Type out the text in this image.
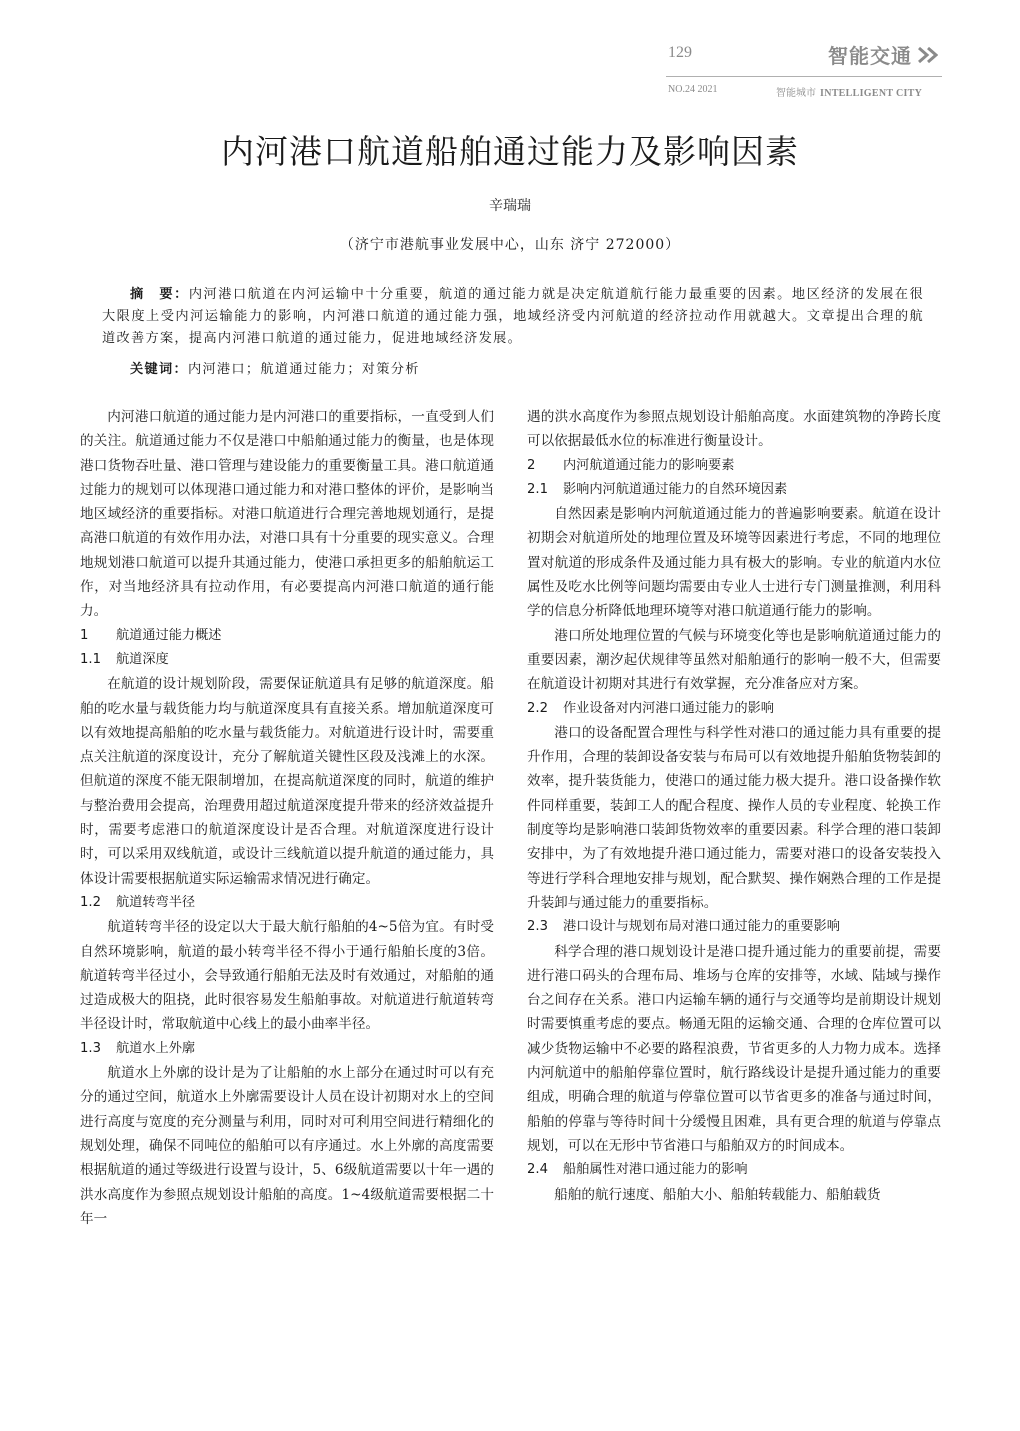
129	智能交通
NO.24 2021	智能城市 INTELLIGENT CITY
内河港口航道船舶通过能力及影响因素
辛瑞瑞
（济宁市港航事业发展中心，山东 济宁 272000）
摘　要：内河港口航道在内河运输中十分重要，航道的通过能力就是决定航道航行能力最重要的因素。地区经济的发展在很大限度上受内河运输能力的影响，内河港口航道的通过能力强，地域经济受内河航道的经济拉动作用就越大。文章提出合理的航道改善方案，提高内河港口航道的通过能力，促进地域经济发展。
关键词：内河港口；航道通过能力；对策分析

内河港口航道的通过能力是内河港口的重要指标，一直受到人们的关注。航道通过能力不仅是港口中船舶通过能力的衡量，也是体现港口货物吞吐量、港口管理与建设能力的重要衡量工具。港口航道通过能力的规划可以体现港口通过能力和对港口整体的评价，是影响当地区域经济的重要指标。对港口航道进行合理完善地规划通行，是提高港口航道的有效作用办法，对港口具有十分重要的现实意义。合理地规划港口航道可以提升其通过能力，使港口承担更多的船舶航运工作，对当地经济具有拉动作用，有必要提高内河港口航道的通行能力。

1 航道通过能力概述
1.1 航道深度

在航道的设计规划阶段，需要保证航道具有足够的航道深度。船舶的吃水量与载货能力均与航道深度具有直接关系。增加航道深度可以有效地提高船舶的吃水量与载货能力。对航道进行设计时，需要重点关注航道的深度设计，充分了解航道关键性区段及浅滩上的水深。但航道的深度不能无限制增加，在提高航道深度的同时，航道的维护与整治费用会提高，治理费用超过航道深度提升带来的经济效益提升时，需要考虑港口的航道深度设计是否合理。对航道深度进行设计时，可以采用双线航道，或设计三线航道以提升航道的通过能力，具体设计需要根据航道实际运输需求情况进行确定。

1.2 航道转弯半径

航道转弯半径的设定以大于最大航行船舶的4~5倍为宜。有时受自然环境影响，航道的最小转弯半径不得小于通行船舶长度的3倍。航道转弯半径过小，会导致通行船舶无法及时有效通过，对船舶的通过造成极大的阻挠，此时很容易发生船舶事故。对航道进行航道转弯半径设计时，常取航道中心线上的最小曲率半径。

1.3 航道水上外廓

航道水上外廓的设计是为了让船舶的水上部分在通过时可以有充分的通过空间，航道水上外廓需要设计人员在设计初期对水上的空间进行高度与宽度的充分测量与利用，同时对可利用空间进行精细化的规划处理，确保不同吨位的船舶可以有序通过。水上外廓的高度需要根据航道的通过等级进行设置与设计，5、6级航道需要以十年一遇的洪水高度作为参照点规划设计船舶的高度。1~4级航道需要根据二十年一

遇的洪水高度作为参照点规划设计船舶高度。水面建筑物的净跨长度可以依据最低水位的标准进行衡量设计。

2 内河航道通过能力的影响要素
2.1 影响内河航道通过能力的自然环境因素

自然因素是影响内河航道通过能力的普遍影响要素。航道在设计初期会对航道所处的地理位置及环境等因素进行考虑，不同的地理位置对航道的形成条件及通过能力具有极大的影响。专业的航道内水位属性及吃水比例等问题均需要由专业人士进行专门测量推测，利用科学的信息分析降低地理环境等对港口航道通行能力的影响。

港口所处地理位置的气候与环境变化等也是影响航道通过能力的重要因素，潮汐起伏规律等虽然对船舶通行的影响一般不大，但需要在航道设计初期对其进行有效掌握，充分准备应对方案。

2.2 作业设备对内河港口通过能力的影响

港口的设备配置合理性与科学性对港口的通过能力具有重要的提升作用，合理的装卸设备安装与布局可以有效地提升船舶货物装卸的效率，提升装货能力，使港口的通过能力极大提升。港口设备操作软件同样重要，装卸工人的配合程度、操作人员的专业程度、轮换工作制度等均是影响港口装卸货物效率的重要因素。科学合理的港口装卸安排中，为了有效地提升港口通过能力，需要对港口的设备安装投入等进行学科合理地安排与规划，配合默契、操作娴熟合理的工作是提升装卸与通过能力的重要指标。

2.3 港口设计与规划布局对港口通过能力的重要影响

科学合理的港口规划设计是港口提升通过能力的重要前提，需要进行港口码头的合理布局、堆场与仓库的安排等，水域、陆域与操作台之间存在关系。港口内运输车辆的通行与交通等均是前期设计规划时需要慎重考虑的要点。畅通无阻的运输交通、合理的仓库位置可以减少货物运输中不必要的路程浪费，节省更多的人力物力成本。选择内河航道中的船舶停靠位置时，航行路线设计是提升通过能力的重要组成，明确合理的航道与停靠位置可以节省更多的准备与通过时间，船舶的停靠与等待时间十分缓慢且困难，具有更合理的航道与停靠点规划，可以在无形中节省港口与船舶双方的时间成本。

2.4 船舶属性对港口通过能力的影响

船舶的航行速度、船舶大小、船舶转载能力、船舶载货
